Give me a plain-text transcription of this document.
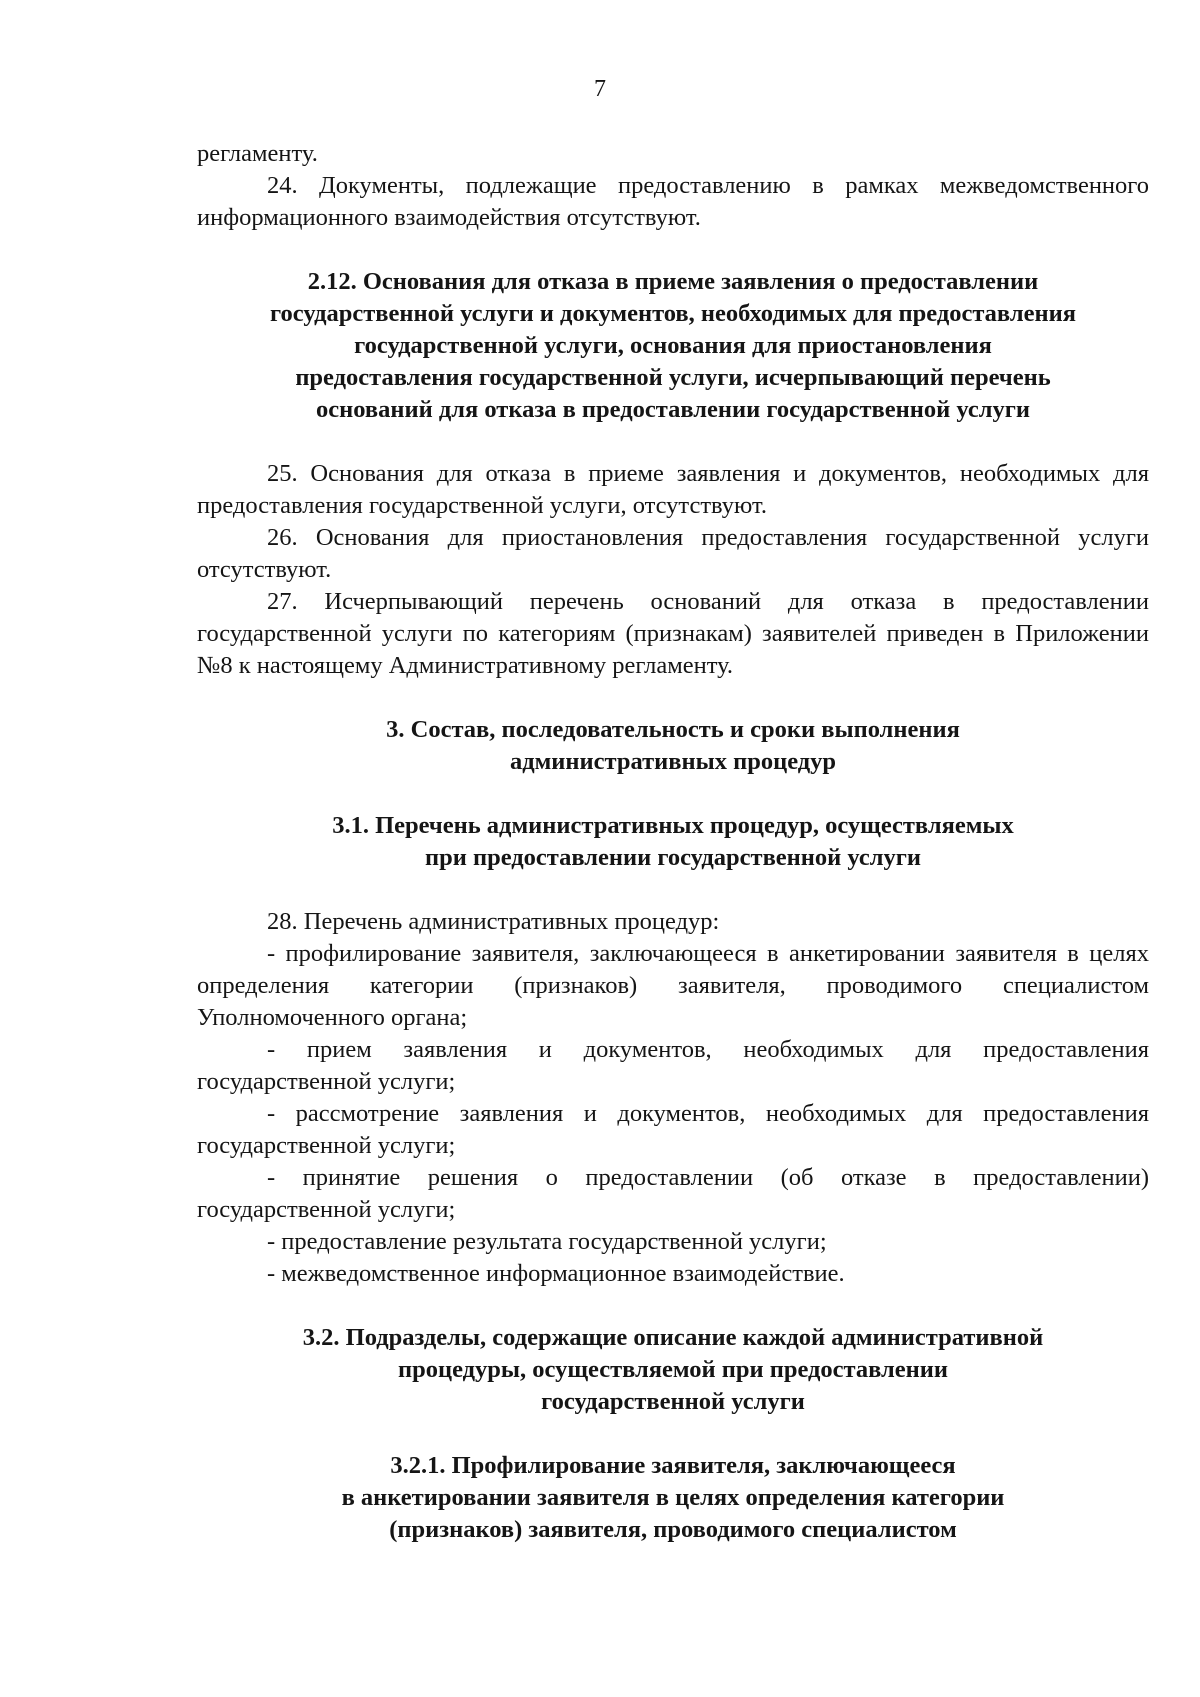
7

регламенту.

24. Документы, подлежащие предоставлению в рамках межведомственного информационного взаимодействия отсутствуют.

2.12. Основания для отказа в приеме заявления о предоставлении
государственной услуги и документов, необходимых для предоставления
государственной услуги, основания для приостановления
предоставления государственной услуги, исчерпывающий перечень
оснований для отказа в предоставлении государственной услуги

25. Основания для отказа в приеме заявления и документов, необходимых для предоставления государственной услуги, отсутствуют.

26. Основания для приостановления предоставления государственной услуги отсутствуют.

27. Исчерпывающий перечень оснований для отказа в предоставлении государственной услуги по категориям (признакам) заявителей приведен в Приложении №8 к настоящему Административному регламенту.

3. Состав, последовательность и сроки выполнения
административных процедур
3.1. Перечень административных процедур, осуществляемых
при предоставлении государственной услуги

28. Перечень административных процедур:

- профилирование заявителя, заключающееся в анкетировании заявителя в целях определения категории (признаков) заявителя, проводимого специалистом Уполномоченного органа;

- прием заявления и документов, необходимых для предоставления государственной услуги;

- рассмотрение заявления и документов, необходимых для предоставления государственной услуги;

- принятие решения о предоставлении (об отказе в предоставлении) государственной услуги;

- предоставление результата государственной услуги;

- межведомственное информационное взаимодействие.

3.2. Подразделы, содержащие описание каждой административной
процедуры, осуществляемой при предоставлении
государственной услуги
3.2.1. Профилирование заявителя, заключающееся
в анкетировании заявителя в целях определения категории
(признаков) заявителя, проводимого специалистом
